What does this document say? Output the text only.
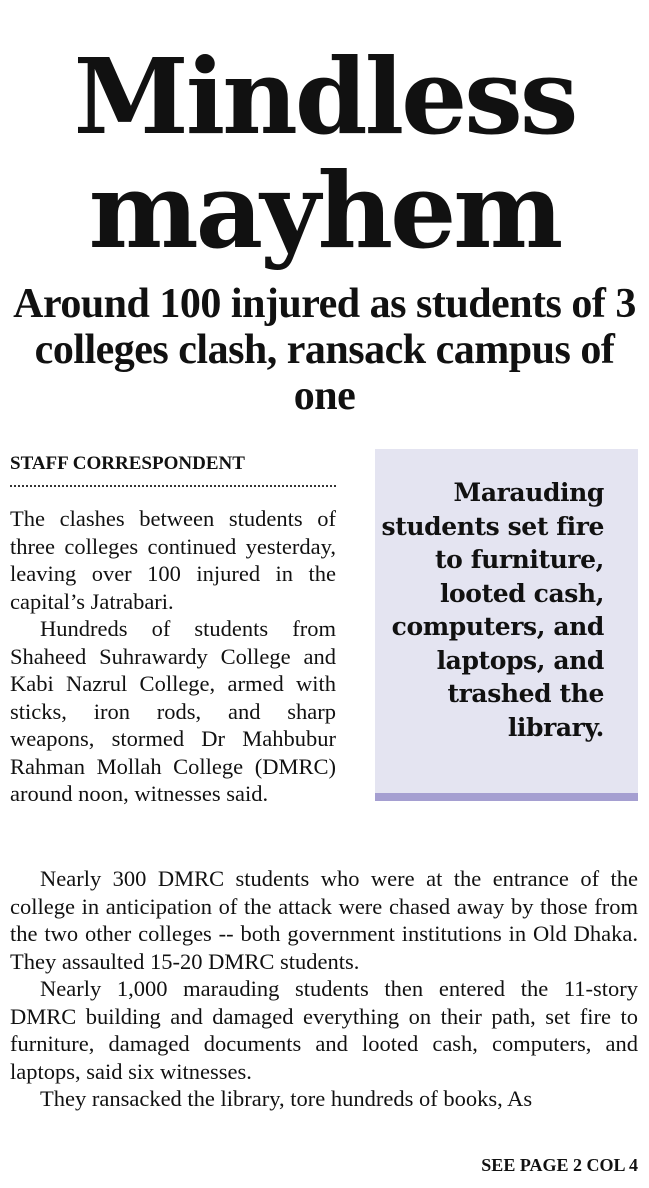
Mindless mayhem
Around 100 injured as students of 3 colleges clash, ransack campus of one
STAFF CORRESPONDENT

The clashes between students of three colleges continued yesterday, leaving over 100 injured in the capital’s Jatrabari.

Hundreds of students from Shaheed Suhrawardy College and Kabi Nazrul College, armed with sticks, iron rods, and sharp weapons, stormed Dr Mahbubur Rahman Mollah College (DMRC) around noon, witnesses said.

Marauding students set fire to furniture, looted cash, computers, and laptops, and trashed the library.

Nearly 300 DMRC students who were at the entrance of the college in anticipation of the attack were chased away by those from the two other colleges -- both government institutions in Old Dhaka. They assaulted 15-20 DMRC students.

Nearly 1,000 marauding students then entered the 11-story DMRC building and damaged everything on their path, set fire to furniture, damaged documents and looted cash, computers, and laptops, said six witnesses.

They ransacked the library, tore hundreds of books, As

SEE PAGE 2 COL 4
